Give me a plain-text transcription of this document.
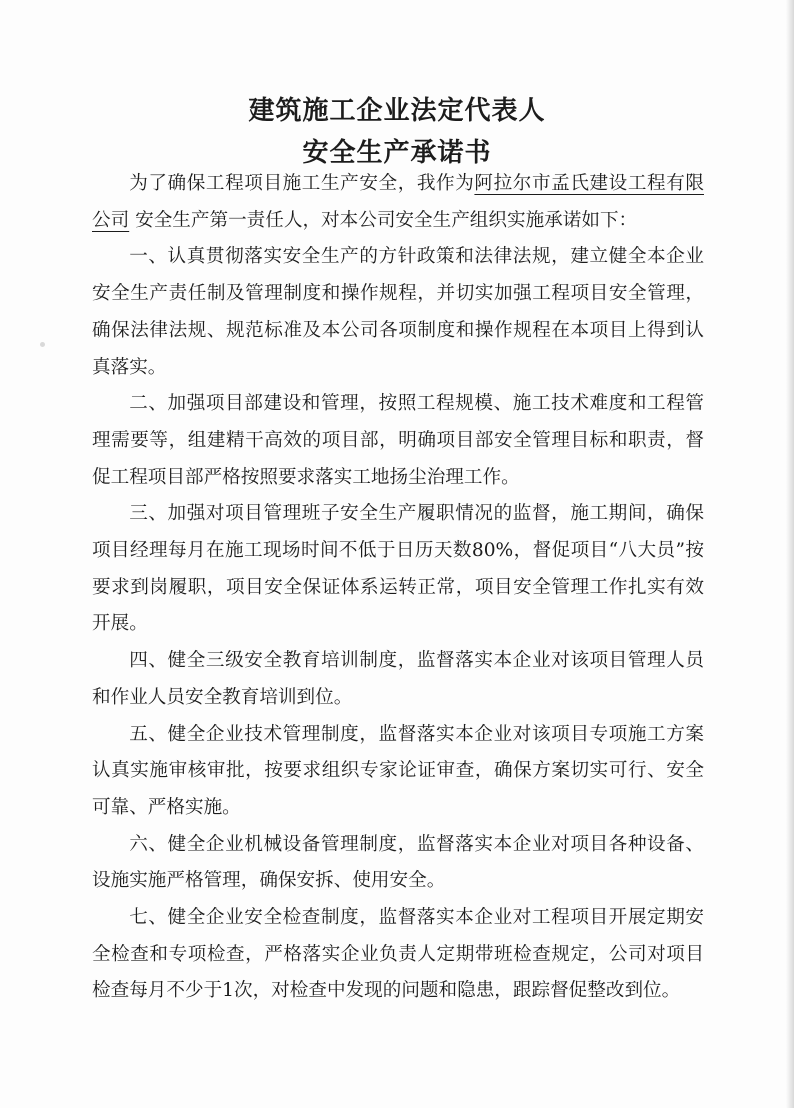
建筑施工企业法定代表人
安全生产承诺书

为了确保工程项目施工生产安全，我作为阿拉尔市孟氏建设工程有限公司 安全生产第一责任人，对本公司安全生产组织实施承诺如下：

一、认真贯彻落实安全生产的方针政策和法律法规，建立健全本企业安全生产责任制及管理制度和操作规程，并切实加强工程项目安全管理，确保法律法规、规范标准及本公司各项制度和操作规程在本项目上得到认真落实。

二、加强项目部建设和管理，按照工程规模、施工技术难度和工程管理需要等，组建精干高效的项目部，明确项目部安全管理目标和职责，督促工程项目部严格按照要求落实工地扬尘治理工作。

三、加强对项目管理班子安全生产履职情况的监督，施工期间，确保项目经理每月在施工现场时间不低于日历天数80%，督促项目“八大员”按要求到岗履职，项目安全保证体系运转正常，项目安全管理工作扎实有效开展。

四、健全三级安全教育培训制度，监督落实本企业对该项目管理人员和作业人员安全教育培训到位。

五、健全企业技术管理制度，监督落实本企业对该项目专项施工方案认真实施审核审批，按要求组织专家论证审查，确保方案切实可行、安全可靠、严格实施。

六、健全企业机械设备管理制度，监督落实本企业对项目各种设备、设施实施严格管理，确保安拆、使用安全。

七、健全企业安全检查制度，监督落实本企业对工程项目开展定期安全检查和专项检查，严格落实企业负责人定期带班检查规定，公司对项目检查每月不少于1次，对检查中发现的问题和隐患，跟踪督促整改到位。
